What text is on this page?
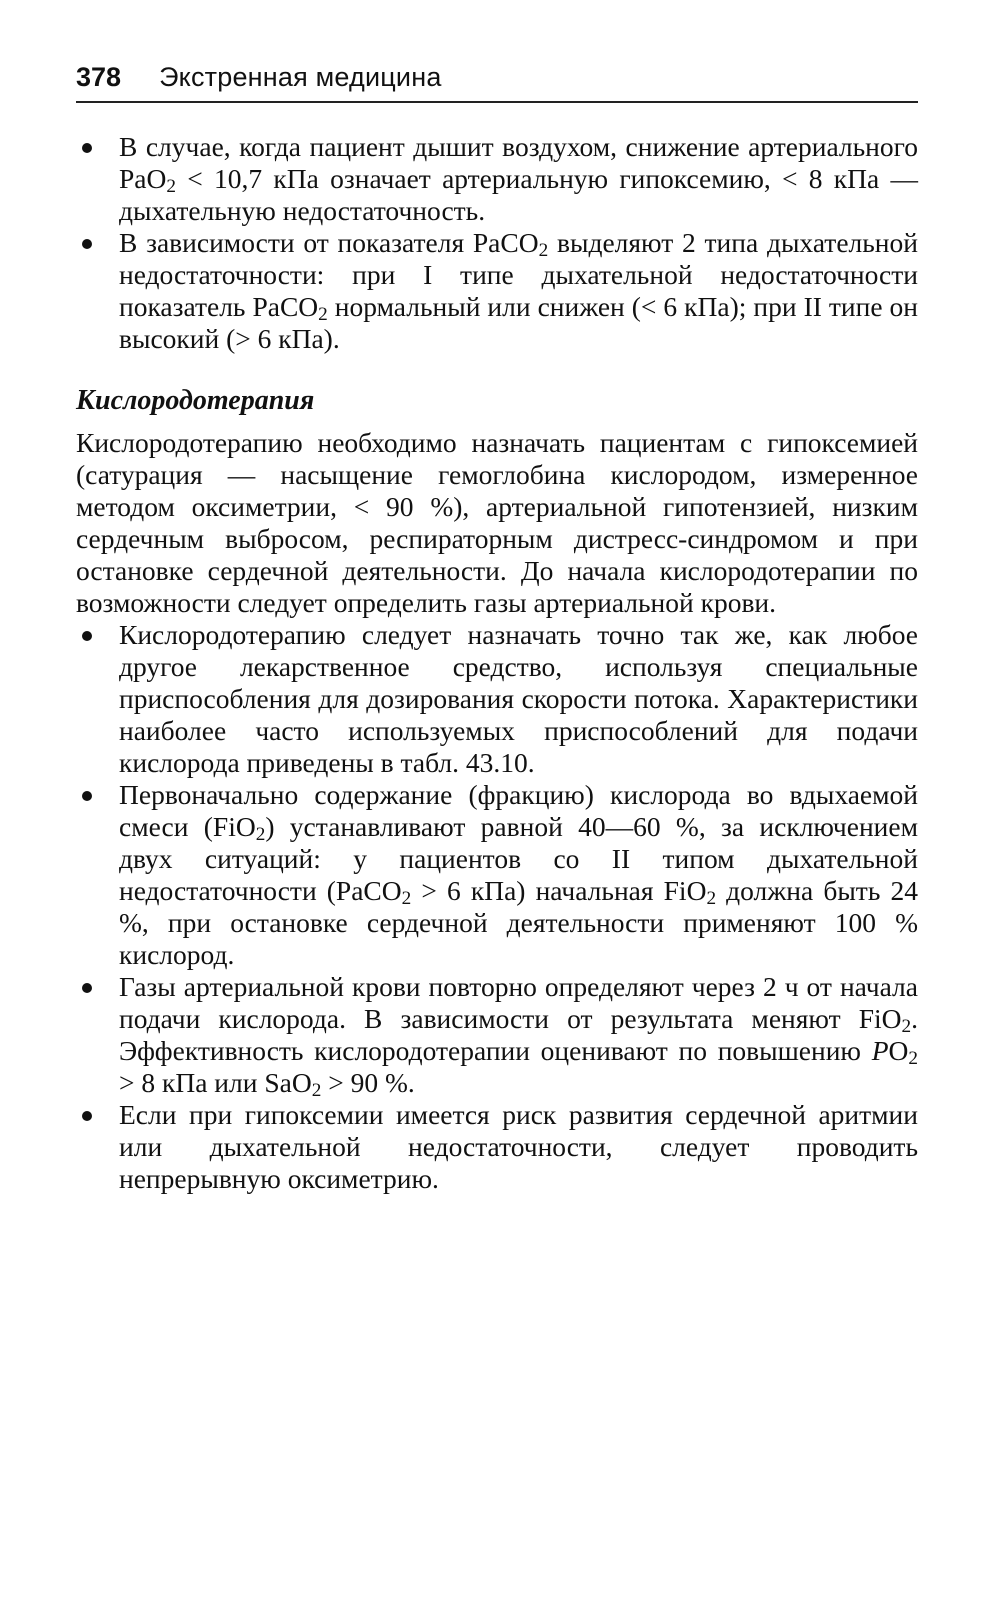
378 Экстренная медицина
В случае, когда пациент дышит воздухом, снижение артериального PaO$_2$ < 10,7 кПа означает артериальную гипоксемию, < 8 кПа — дыхательную недостаточность.
В зависимости от показателя PaCO$_2$ выделяют 2 типа дыхательной недостаточности: при I типе дыхательной недостаточности показатель PaCO$_2$ нормальный или снижен (< 6 кПа); при II типе он высокий (> 6 кПа).
Кислородотерапия

Кислородотерапию необходимо назначать пациентам с гипоксемией (сатурация — насыщение гемоглобина кислородом, измеренное методом оксиметрии, < 90 %), артериальной гипотензией, низким сердечным выбросом, респираторным дистресс-синдромом и при остановке сердечной деятельности. До начала кислородотерапии по возможности следует определить газы артериальной крови.

Кислородотерапию следует назначать точно так же, как любое другое лекарственное средство, используя специальные приспособления для дозирования скорости потока. Характеристики наиболее часто используемых приспособлений для подачи кислорода приведены в табл. 43.10.
Первоначально содержание (фракцию) кислорода во вдыхаемой смеси (FiO$_2$) устанавливают равной 40—60 %, за исключением двух ситуаций: у пациентов со II типом дыхательной недостаточности (PaCO$_2$ > 6 кПа) начальная FiO$_2$ должна быть 24 %, при остановке сердечной деятельности применяют 100 % кислород.
Газы артериальной крови повторно определяют через 2 ч от начала подачи кислорода. В зависимости от результата меняют FiO$_2$. Эффективность кислородотерапии оценивают по повышению $PO_2 > 8$ кПа или SaO$_2$ > 90 %.
Если при гипоксемии имеется риск развития сердечной аритмии или дыхательной недостаточности, следует проводить непрерывную оксиметрию.
